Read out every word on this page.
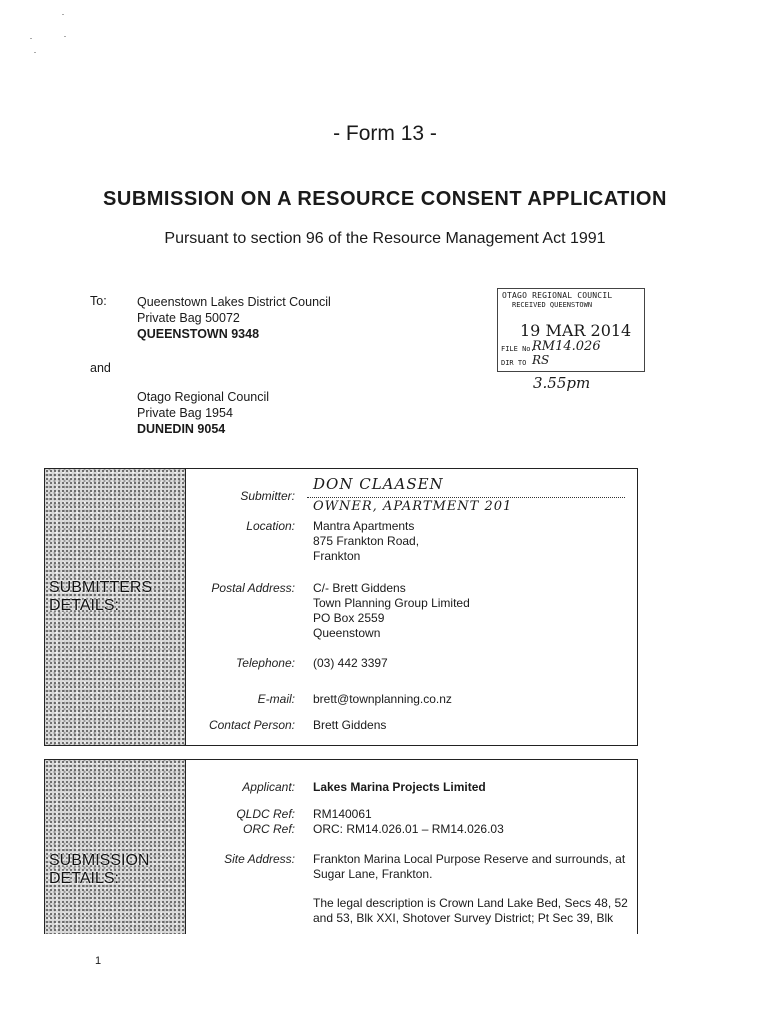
- Form 13 -
SUBMISSION ON A RESOURCE CONSENT APPLICATION
Pursuant to section 96 of the Resource Management Act 1991
To: Queenstown Lakes District Council
Private Bag 50072
QUEENSTOWN 9348
and
Otago Regional Council
Private Bag 1954
DUNEDIN 9054
OTAGO REGIONAL COUNCIL
RECEIVED QUEENSTOWN
19 MAR 2014
FILE No.
RM14.026
DIR TO RS
3.55pm
SUBMITTERS
DETAILS:
Submitter:
DON CLAASEN
OWNER, APARTMENT 201
Location: Mantra Apartments
875 Frankton Road,
Frankton
Postal Address: C/- Brett Giddens
Town Planning Group Limited
PO Box 2559
Queenstown
Telephone: (03) 442 3397
E-mail: brett@townplanning.co.nz
Contact Person: Brett Giddens
SUBMISSION
DETAILS:
Applicant: Lakes Marina Projects Limited
QLDC Ref: RM140061
ORC Ref: ORC: RM14.026.01 – RM14.026.03
Site Address: Frankton Marina Local Purpose Reserve and surrounds, at
Sugar Lane, Frankton.
The legal description is Crown Land Lake Bed, Secs 48, 52
and 53, Blk XXI, Shotover Survey District; Pt Sec 39, Blk
1
